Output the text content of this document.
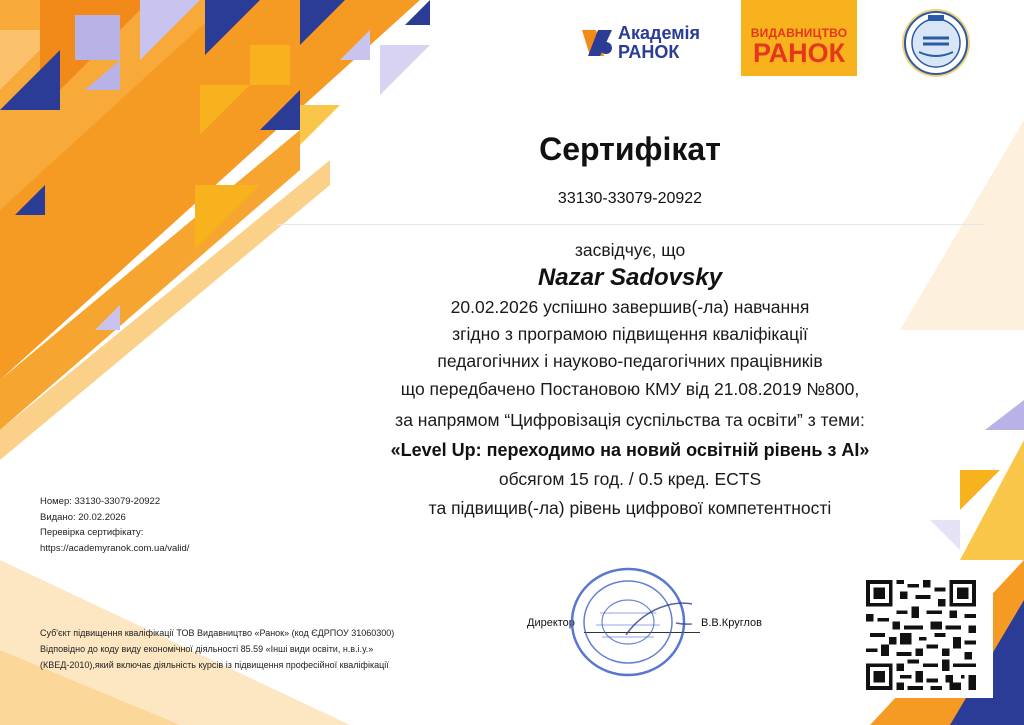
Академія
РАНОК
ВИДАВНИЦТВО
РАНОК
Сертифікат
33130-33079-20922
засвідчує, що
Nazar Sadovsky
20.02.2026 успішно завершив(-ла) навчання
згідно з програмою підвищення кваліфікації
педагогічних і науково-педагогічних працівників
що передбачено Постановою КМУ від 21.08.2019 №800,
за напрямом “Цифровізація суспільства та освіти” з теми:
«Level Up: переходимо на новий освітній рівень з AI»
обсягом 15 год. / 0.5 кред. ECTS
та підвищив(-ла) рівень цифрової компетентності
Номер: 33130-33079-20922
Видано: 20.02.2026
Перевірка сертифікату:
https://academyranok.com.ua/valid/
Суб'єкт підвищення кваліфікації ТОВ Видавництво «Ранок» (код ЄДРПОУ 31060300)
Відповідно до коду виду економічної діяльності 85.59 «Інші види освіти, н.в.і.у.»
(КВЕД-2010),який включає діяльність курсів із підвищення професійної кваліфікації
Директор	В.В.Круглов
